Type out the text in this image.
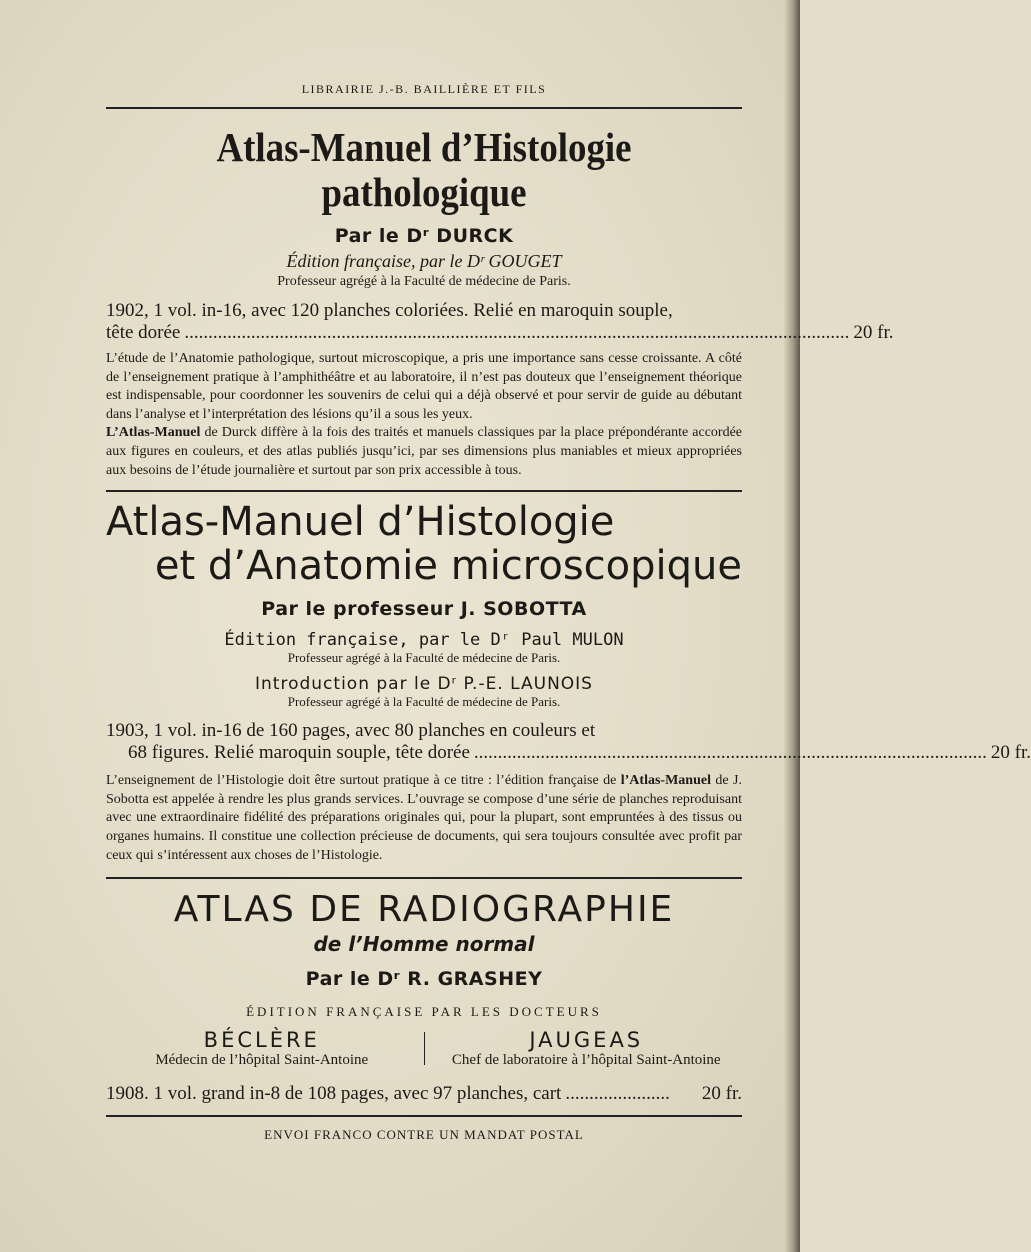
LIBRAIRIE J.-B. BAILLIÈRE ET FILS
Atlas-Manuel d’Histologie pathologique
Par le Dʳ DURCK
Édition française, par le Dʳ GOUGET
Professeur agrégé à la Faculté de médecine de Paris.
1902, 1 vol. in-16, avec 120 planches coloriées. Relié en maroquin souple,
tête dorée ............................................................................................................................................ 20 fr.
L’étude de l’Anatomie pathologique, surtout microscopique, a pris une importance sans cesse croissante. A côté de l’enseignement pratique à l’amphithéâtre et au laboratoire, il n’est pas douteux que l’enseignement théorique est indispensable, pour coordonner les souvenirs de celui qui a déjà observé et pour servir de guide au débutant dans l’analyse et l’interprétation des lésions qu’il a sous les yeux.
L’Atlas-Manuel de Durck diffère à la fois des traités et manuels classiques par la place prépondérante accordée aux figures en couleurs, et des atlas publiés jusqu’ici, par ses dimensions plus maniables et mieux appropriées aux besoins de l’étude journalière et surtout par son prix accessible à tous.
Atlas-Manuel d’Histologie
et d’Anatomie microscopique
Par le professeur J. SOBOTTA
Édition française, par le Dʳ Paul MULON
Professeur agrégé à la Faculté de médecine de Paris.
Introduction par le Dʳ P.-E. LAUNOIS
Professeur agrégé à la Faculté de médecine de Paris.
1903, 1 vol. in-16 de 160 pages, avec 80 planches en couleurs et
68 figures. Relié maroquin souple, tête dorée ............................................................................................................ 20 fr.
L’enseignement de l’Histologie doit être surtout pratique à ce titre : l’édition française de l’Atlas-Manuel de J. Sobotta est appelée à rendre les plus grands services. L’ouvrage se compose d’une série de planches reproduisant avec une extraordinaire fidélité des préparations originales qui, pour la plupart, sont empruntées à des tissus ou organes humains. Il constitue une collection précieuse de documents, qui sera toujours consultée avec profit par ceux qui s’intéressent aux choses de l’Histologie.
ATLAS DE RADIOGRAPHIE
de l’Homme normal
Par le Dʳ R. GRASHEY
ÉDITION FRANÇAISE PAR LES DOCTEURS
BÉCLÈRE
Médecin de l’hôpital Saint-Antoine
JAUGEAS
Chef de laboratoire à l’hôpital Saint-Antoine
1908. 1 vol. grand in-8 de 108 pages, avec 97 planches, cart ......................	20 fr.
ENVOI FRANCO CONTRE UN MANDAT POSTAL
